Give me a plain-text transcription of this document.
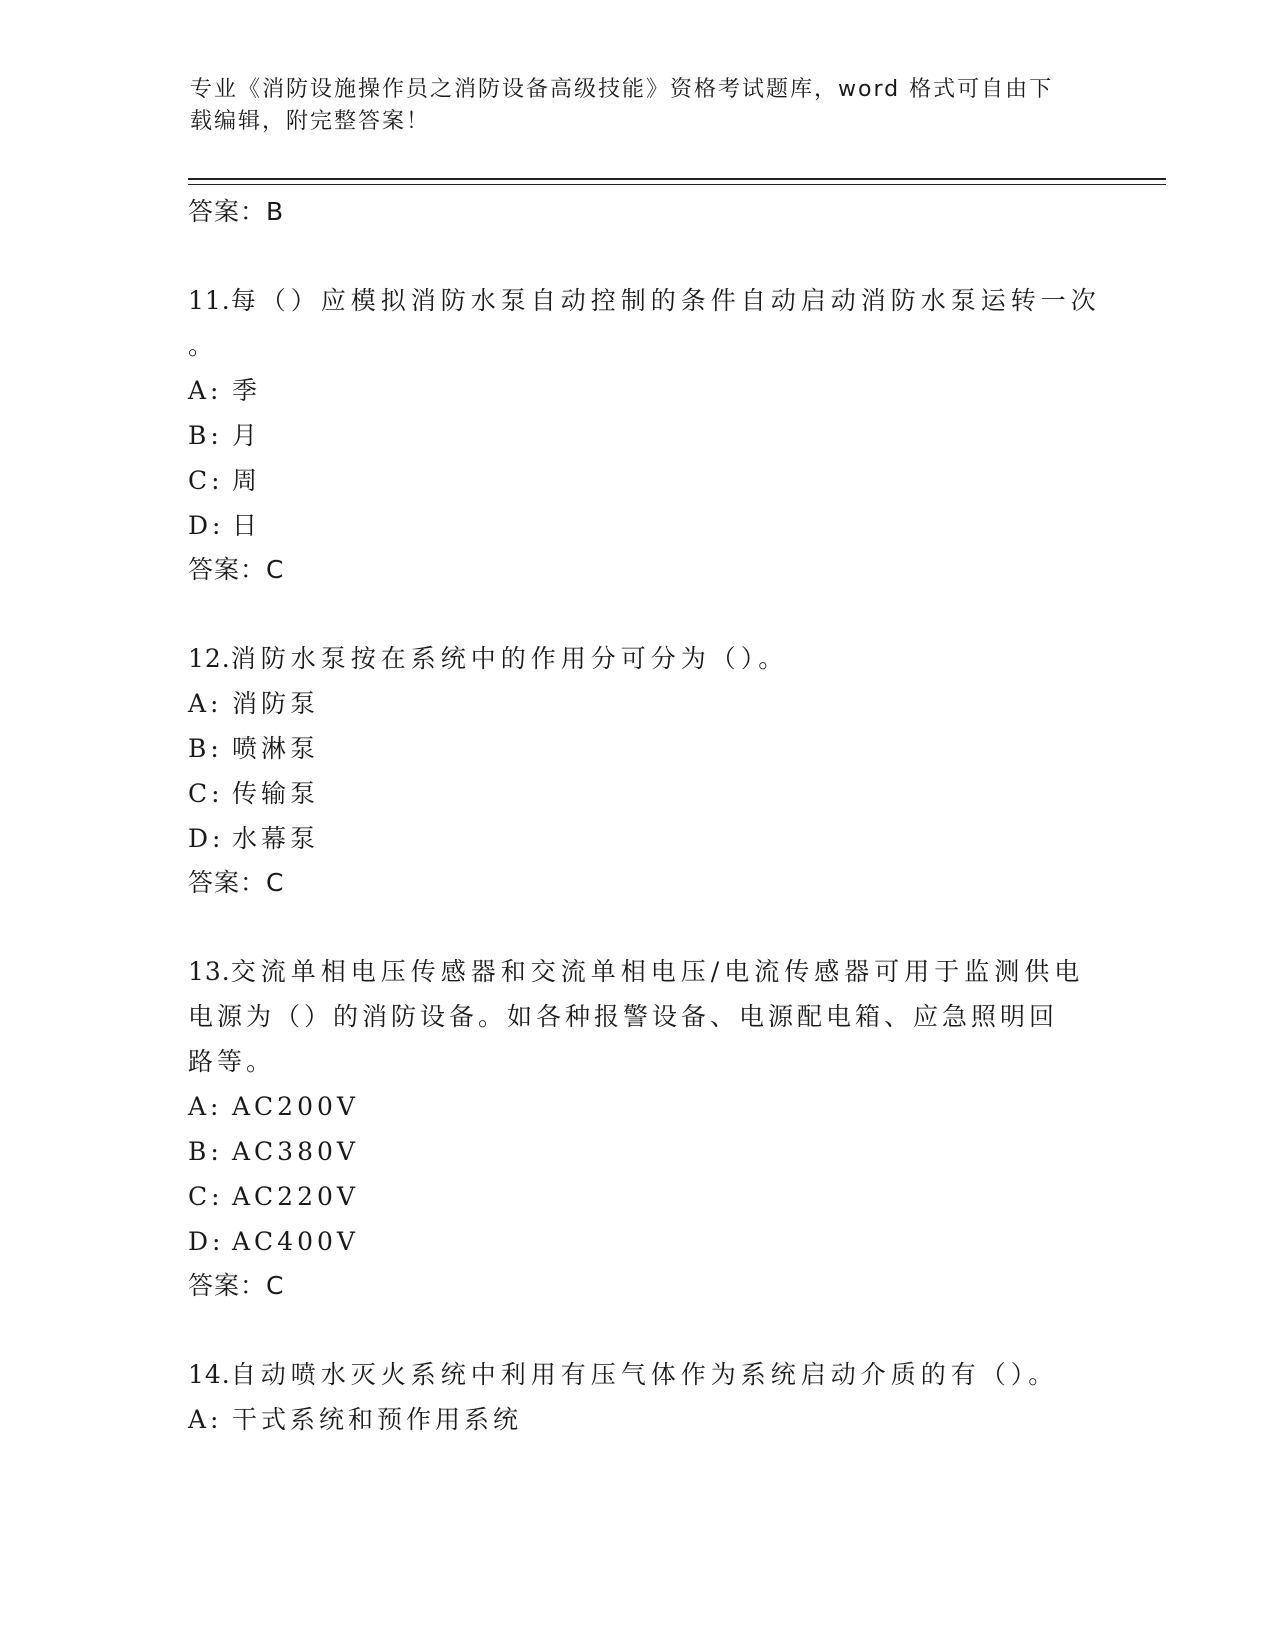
专业《消防设施操作员之消防设备高级技能》资格考试题库，word 格式可自由下
载编辑，附完整答案！
答案：B
11.每（）应模拟消防水泵自动控制的条件自动启动消防水泵运转一次
。
A: 季
B: 月
C: 周
D: 日
答案：C
12.消防水泵按在系统中的作用分可分为（）。
A: 消防泵
B: 喷淋泵
C: 传输泵
D: 水幕泵
答案：C
13.交流单相电压传感器和交流单相电压/电流传感器可用于监测供电
电源为（）的消防设备。如各种报警设备、电源配电箱、应急照明回
路等。
A: AC200V
B: AC380V
C: AC220V
D: AC400V
答案：C
14.自动喷水灭火系统中利用有压气体作为系统启动介质的有（）。
A: 干式系统和预作用系统
